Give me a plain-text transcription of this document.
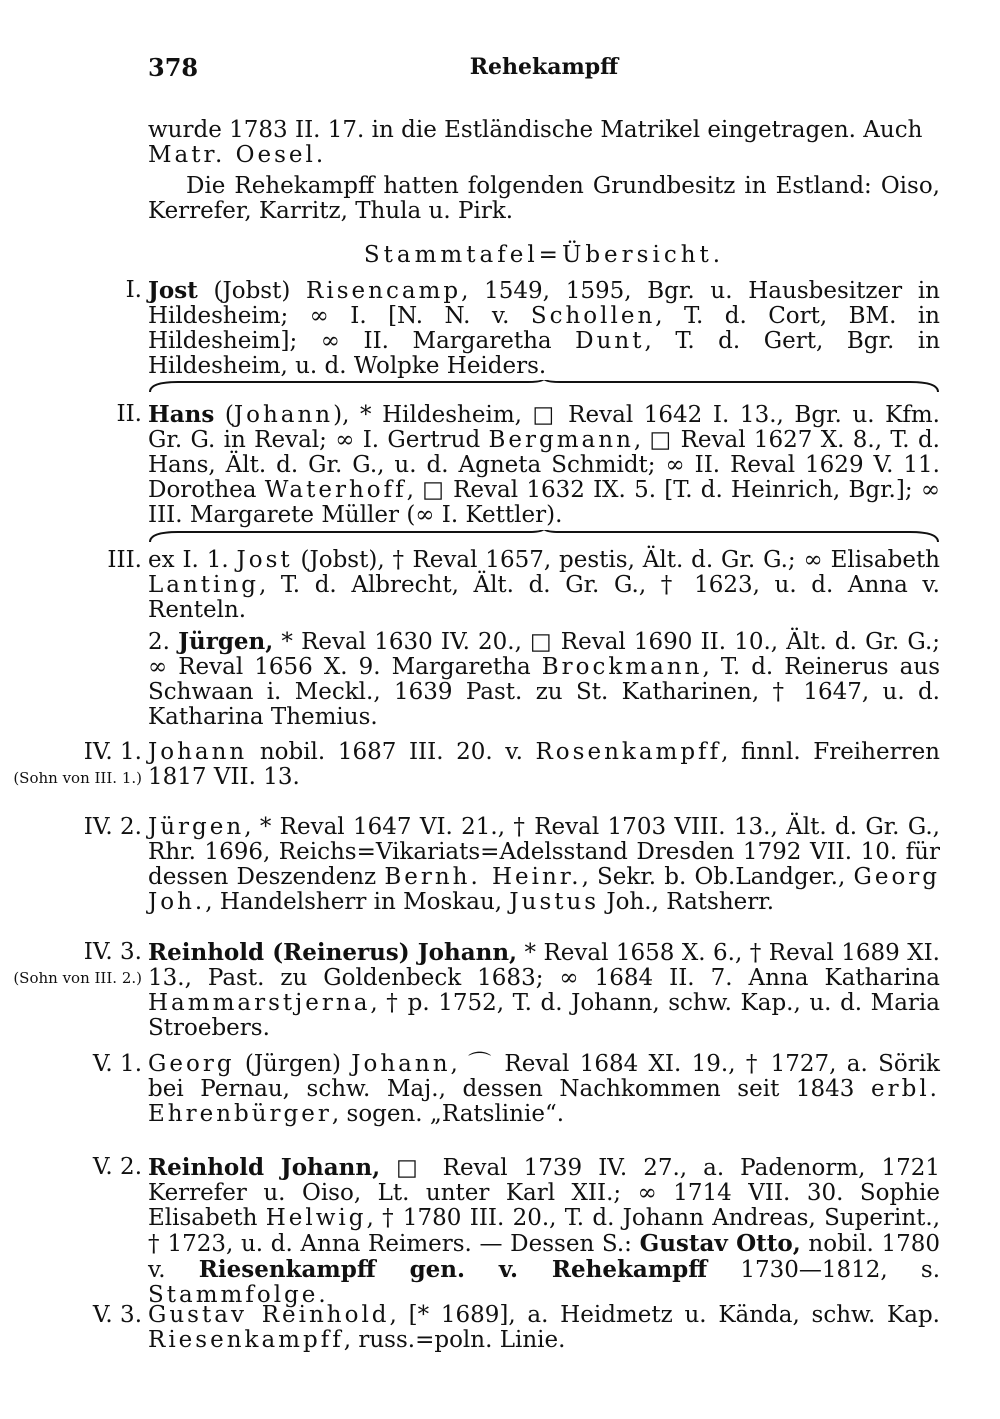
378	Rehekampff

wurde 1783 II. 17. in die Estländische Matrikel eingetragen. Auch
Matr. Oesel.

Die Rehekampff hatten folgenden Grundbesitz in Estland: Oiso, Kerrefer, Karritz, Thula u. Pirk.

Stammtafel=Übersicht.
I. Jost (Jobst) Risencamp, 1549, 1595, Bgr. u. Hausbesitzer in Hildesheim; ∞ I. [N. N. v. Schollen, T. d. Cort, BM. in Hildesheim]; ∞ II. Margaretha Dunt, T. d. Gert, Bgr. in Hildesheim, u. d. Wolpke Heiders.
II. Hans (Johann), * Hildesheim, □ Reval 1642 I. 13., Bgr. u. Kfm. Gr. G. in Reval; ∞ I. Gertrud Bergmann, □ Reval 1627 X. 8., T. d. Hans, Ält. d. Gr. G., u. d. Agneta Schmidt; ∞ II. Reval 1629 V. 11. Dorothea Waterhoff, □ Reval 1632 IX. 5. [T. d. Heinrich, Bgr.]; ∞ III. Margarete Müller (∞ I. Kettler).
III. ex I. 1. Jost (Jobst), † Reval 1657, pestis, Ält. d. Gr. G.; ∞ Elisabeth Lanting, T. d. Albrecht, Ält. d. Gr. G., † 1623, u. d. Anna v. Renteln.
2. Jürgen, * Reval 1630 IV. 20., □ Reval 1690 II. 10., Ält. d. Gr. G.; ∞ Reval 1656 X. 9. Margaretha Brockmann, T. d. Reinerus aus Schwaan i. Meckl., 1639 Past. zu St. Katharinen, † 1647, u. d. Katharina Themius.
IV. 1.
(Sohn von III. 1.)
Johann nobil. 1687 III. 20. v. Rosenkampff, finnl. Freiherren 1817 VII. 13.
IV. 2. Jürgen, * Reval 1647 VI. 21., † Reval 1703 VIII. 13., Ält. d. Gr. G., Rhr. 1696, Reichs=Vikariats=Adelsstand Dresden 1792 VII. 10. für dessen Deszendenz Bernh. Heinr., Sekr. b. Ob.Landger., Georg Joh., Handelsherr in Moskau, Justus Joh., Ratsherr.
IV. 3.
(Sohn von III. 2.)
Reinhold (Reinerus) Johann, * Reval 1658 X. 6., † Reval 1689 XI. 13., Past. zu Goldenbeck 1683; ∞ 1684 II. 7. Anna Katharina Hammarstjerna, † p. 1752, T. d. Johann, schw. Kap., u. d. Maria Stroebers.
V. 1. Georg (Jürgen) Johann, ⌒ Reval 1684 XI. 19., † 1727, a. Sörik bei Pernau, schw. Maj., dessen Nachkommen seit 1843 erbl. Ehrenbürger, sogen. „Ratslinie“.
V. 2. Reinhold Johann, □ Reval 1739 IV. 27., a. Padenorm, 1721 Kerrefer u. Oiso, Lt. unter Karl XII.; ∞ 1714 VII. 30. Sophie Elisabeth Helwig, † 1780 III. 20., T. d. Johann Andreas, Superint., † 1723, u. d. Anna Reimers. — Dessen S.: Gustav Otto, nobil. 1780 v. Riesenkampff gen. v. Rehekampff 1730—1812, s. Stammfolge.
V. 3. Gustav Reinhold, [* 1689], a. Heidmetz u. Kända, schw. Kap. Riesenkampff, russ.=poln. Linie.
